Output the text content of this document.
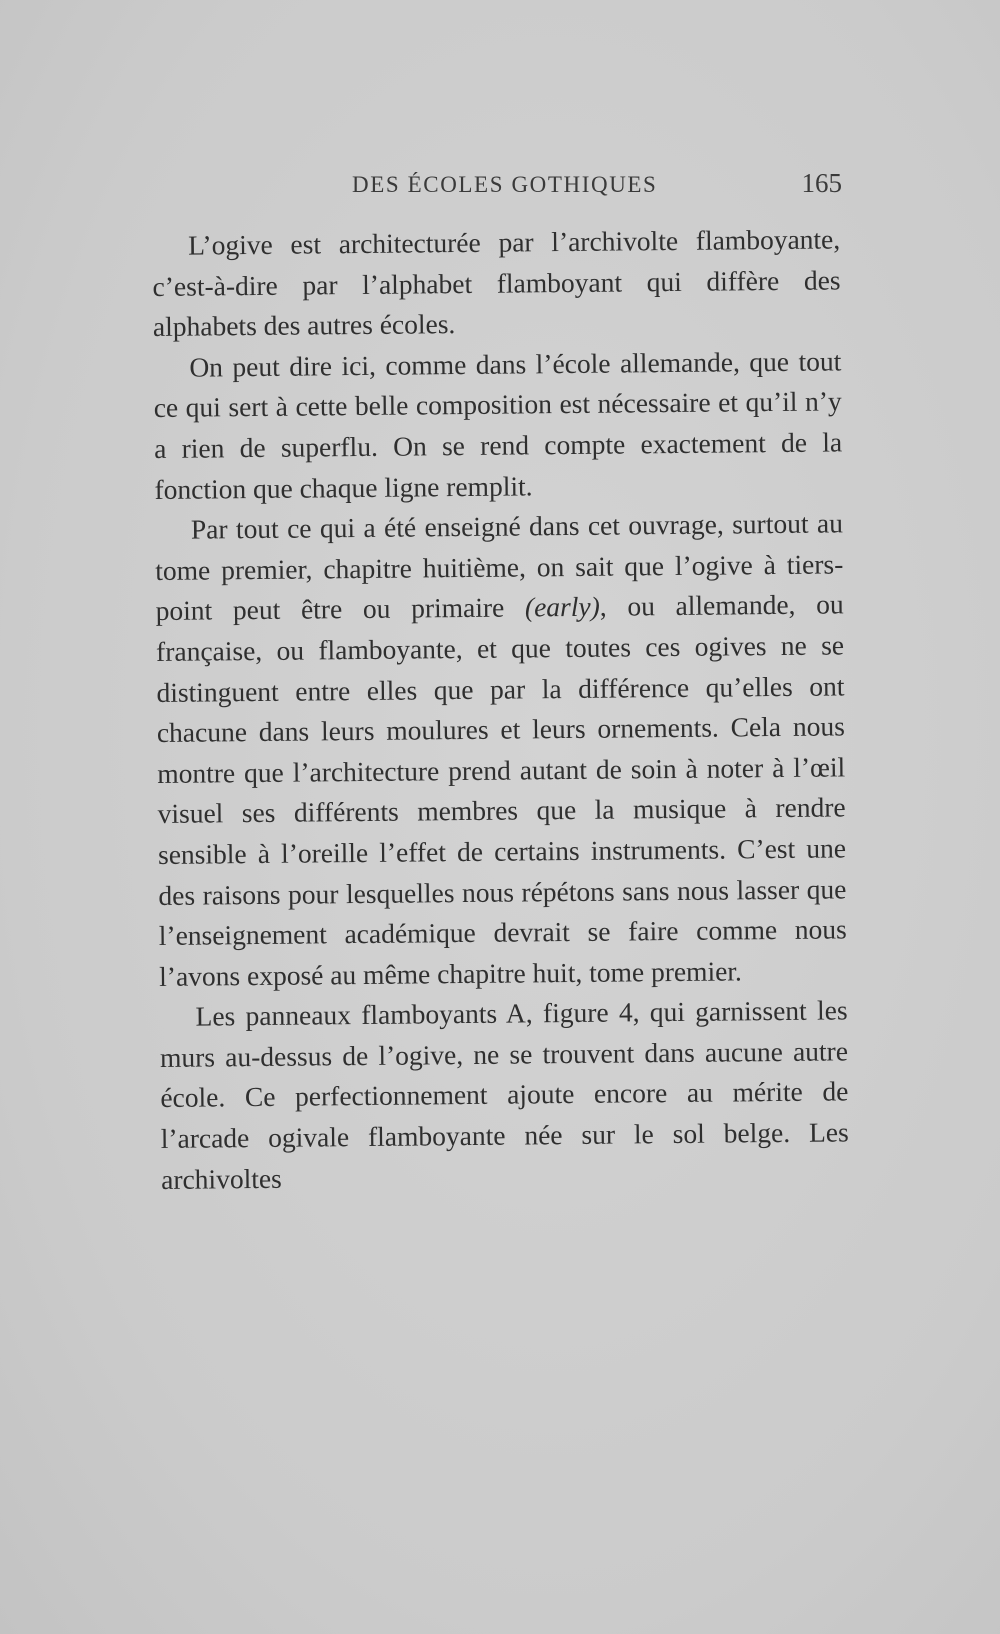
DES ÉCOLES GOTHIQUES	165

L’ogive est architecturée par l’archivolte flamboyante, c’est-à-dire par l’alphabet flamboyant qui diffère des alphabets des autres écoles.

On peut dire ici, comme dans l’école allemande, que tout ce qui sert à cette belle composition est nécessaire et qu’il n’y a rien de superflu. On se rend compte exactement de la fonction que chaque ligne remplit.

Par tout ce qui a été enseigné dans cet ouvrage, surtout au tome premier, chapitre huitième, on sait que l’ogive à tiers-point peut être ou primaire (early), ou allemande, ou française, ou flamboyante, et que toutes ces ogives ne se distinguent entre elles que par la différence qu’elles ont chacune dans leurs moulures et leurs ornements. Cela nous montre que l’architecture prend autant de soin à noter à l’œil visuel ses différents membres que la musique à rendre sensible à l’oreille l’effet de certains instruments. C’est une des raisons pour lesquelles nous répétons sans nous lasser que l’enseignement académique devrait se faire comme nous l’avons exposé au même chapitre huit, tome premier.

Les panneaux flamboyants A, figure 4, qui garnissent les murs au-dessus de l’ogive, ne se trouvent dans aucune autre école. Ce perfectionnement ajoute encore au mérite de l’arcade ogivale flamboyante née sur le sol belge. Les archivoltes
